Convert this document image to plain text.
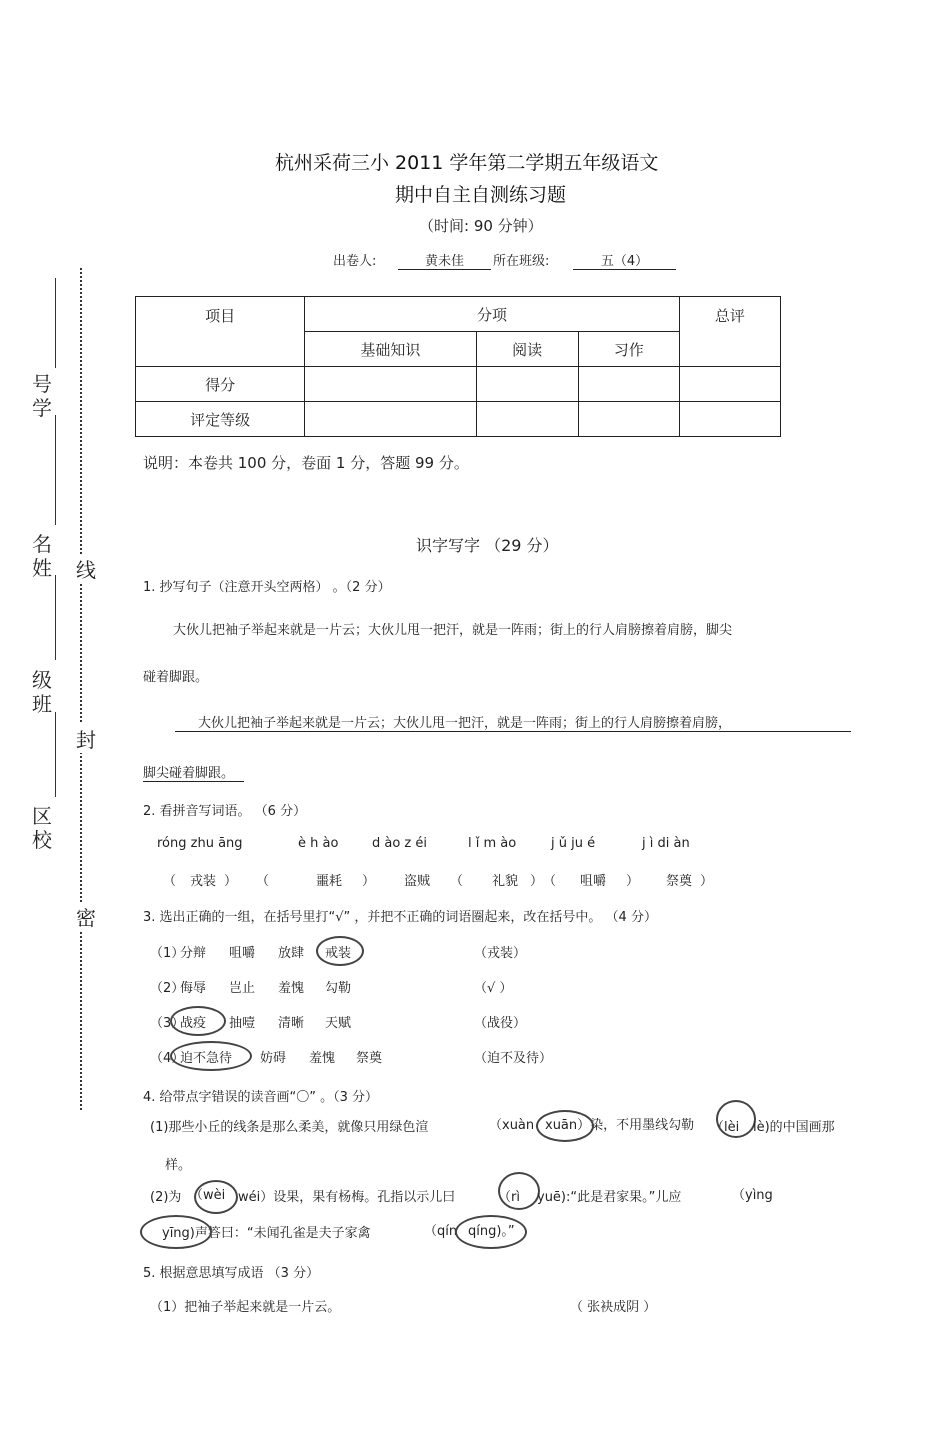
杭州采荷三小 2011 学年第二学期五年级语文
期中自主自测练习题
（时间: 90 分钟）
出卷人:	黄未佳	所在班级:	五（4）
号
学
名
姓
级
班
区
校
线
封
密
项目	分项			总评
	基础知识	阅读	习作	
得分				
评定等级				
说明：本卷共 100 分，卷面 1 分，答题 99 分。
识字写字 （29 分）
1. 抄写句子（注意开头空两格） 。（2 分）
大伙儿把袖子举起来就是一片云；大伙儿甩一把汗，就是一阵雨；街上的行人肩膀擦着肩膀，脚尖
碰着脚跟。
大伙儿把袖子举起来就是一片云；大伙儿甩一把汗，就是一阵雨；街上的行人肩膀擦着肩膀，
脚尖碰着脚跟。
2. 看拼音写词语。 （6 分）
róng zhu āng	è h ào	d ào z éi	l ǐ m ào	j ǔ ju é	j ì di àn
（ 戎装 ） （	噩耗 ） 盗贼 （ 礼貌 ） （ 咀嚼 ） 祭奠 ）
3. 选出正确的一组，在括号里打“√” ，并把不正确的词语圈起来，改在括号中。 （4 分）
（1）
分辩 咀嚼 放肆 戒装	（戎装）
（2）
侮辱 岂止 羞愧 勾勒	（√ ）
（3）
战疫 抽噎 清晰 天赋	（战役）
（4）
迫不急待 妨碍 羞愧 祭奠	（迫不及待）
4. 给带点字错误的读音画“〇” 。（3 分）
(1)那些小丘的线条是那么柔美，就像只用绿色渲	（xuàn xuān）染，不用墨线勾勒 （lèi lè)的中国画那
样。
(2)为 （wèi wéi）设果，果有杨梅。孔指以示儿曰	（rì yuē):“此是君家果。”儿应	（yìng
yīng)声答曰：“未闻孔雀是夫子家禽	（qín qíng)。”
5. 根据意思填写成语 （3 分）
（1）把袖子举起来就是一片云。	（ 张袂成阴 ）
